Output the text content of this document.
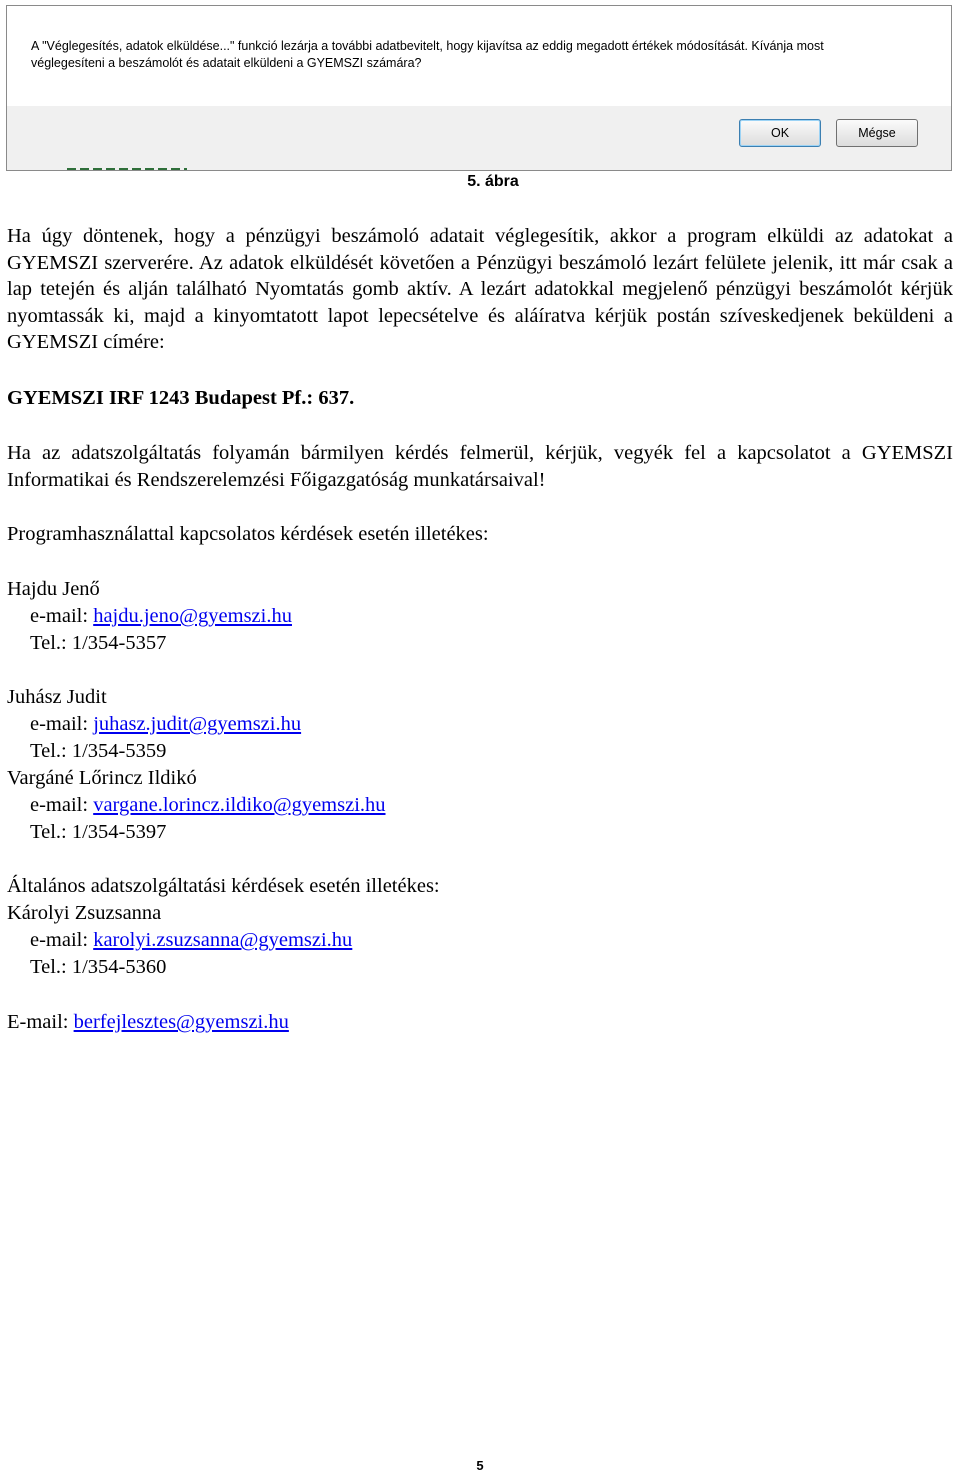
A "Véglegesítés, adatok elküldése..." funkció lezárja a további adatbevitelt, hogy kijavítsa az eddig megadott értékek módosítását. Kívánja most
véglegesíteni a beszámolót és adatait elküldeni a GYEMSZI számára?
OK	Mégse
5. ábra

Ha úgy döntenek, hogy a pénzügyi beszámoló adatait véglegesítik, akkor a program elküldi az adatokat a GYEMSZI szerverére. Az adatok elküldését követően a Pénzügyi beszámoló lezárt felülete jelenik, itt már csak a lap tetején és alján található Nyomtatás gomb aktív. A lezárt adatokkal megjelenő pénzügyi beszámolót kérjük nyomtassák ki, majd a kinyomtatott lapot lepecsételve és aláíratva kérjük postán szíveskedjenek beküldeni a GYEMSZI címére:

GYEMSZI IRF 1243 Budapest Pf.: 637.

Ha az adatszolgáltatás folyamán bármilyen kérdés felmerül, kérjük, vegyék fel a kapcsolatot a GYEMSZI Informatikai és Rendszerelemzési Főigazgatóság munkatársaival!

Programhasználattal kapcsolatos kérdések esetén illetékes:
Hajdu Jenő
e-mail: hajdu.jeno@gyemszi.hu
Tel.: 1/354-5357
Juhász Judit
e-mail: juhasz.judit@gyemszi.hu
Tel.: 1/354-5359
Vargáné Lőrincz Ildikó
e-mail: vargane.lorincz.ildiko@gyemszi.hu
Tel.: 1/354-5397
Általános adatszolgáltatási kérdések esetén illetékes:
Károlyi Zsuzsanna
e-mail: karolyi.zsuzsanna@gyemszi.hu
Tel.: 1/354-5360
E-mail: berfejlesztes@gyemszi.hu
5
